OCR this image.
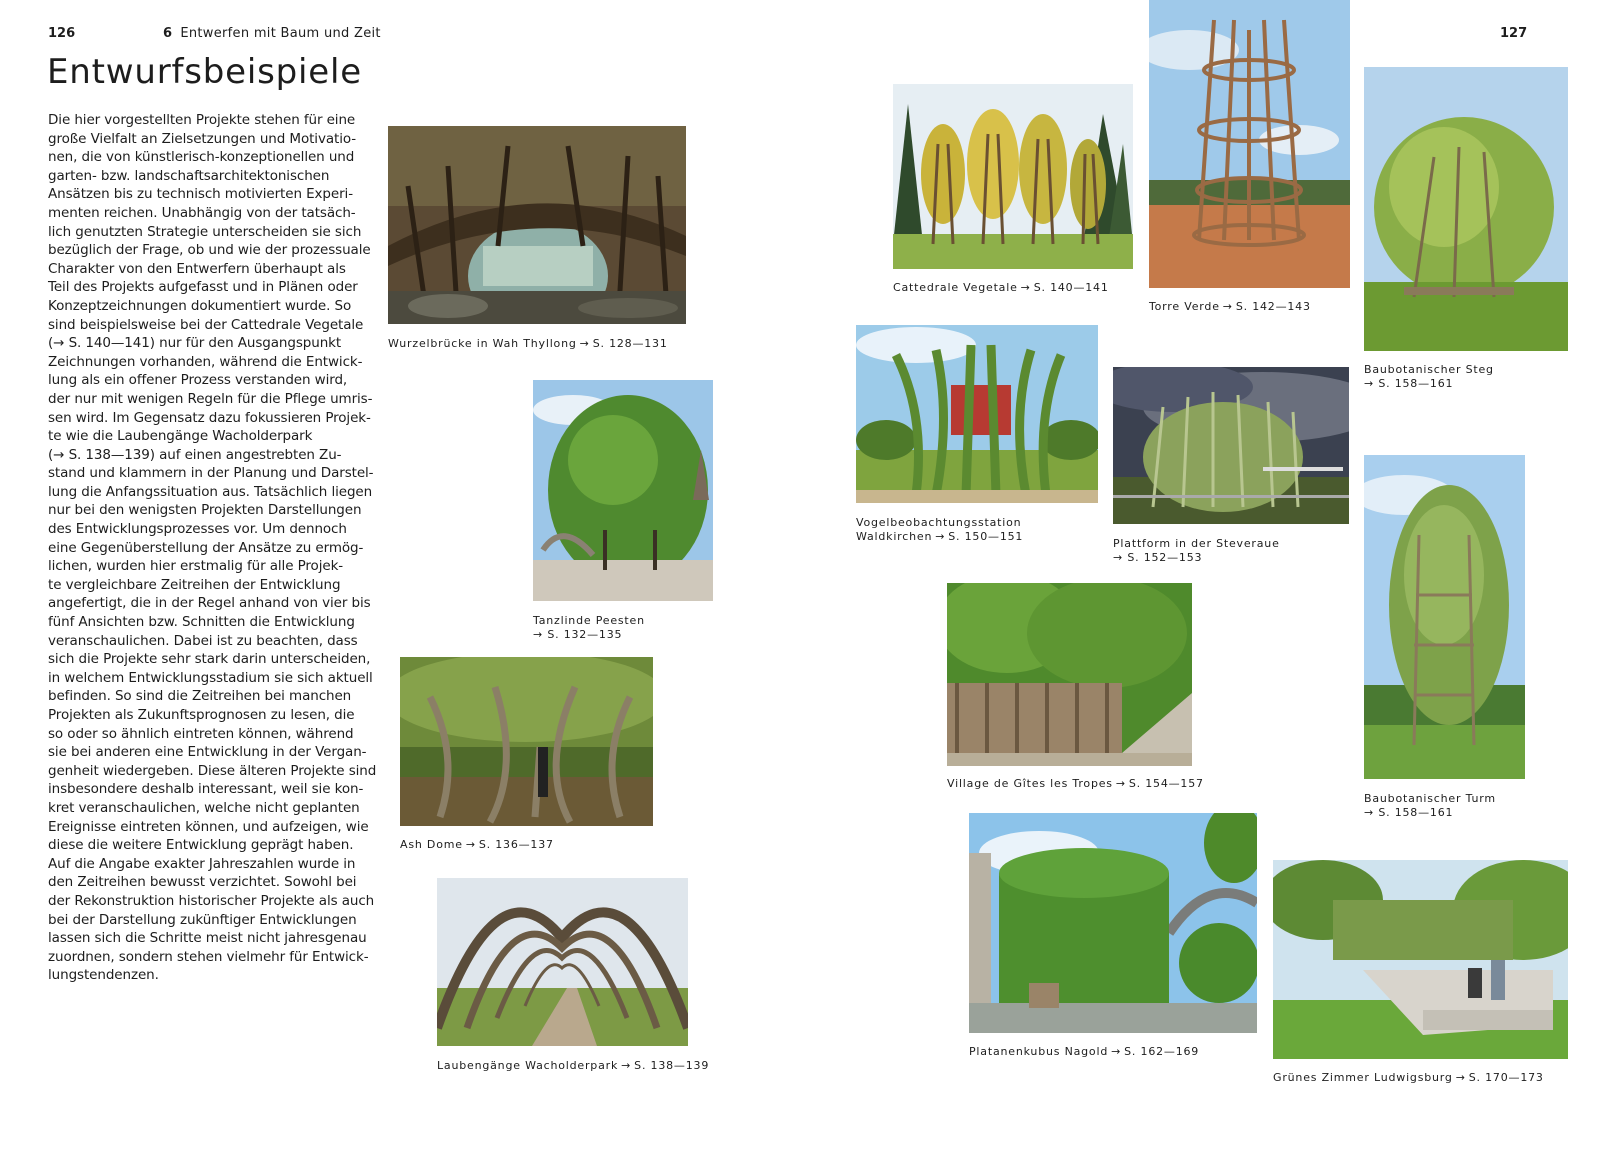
126	6 Entwerfen mit Baum und Zeit	127
Entwurfsbeispiele

Die hier vorgestellten Projekte stehen für eine

große Vielfalt an Zielsetzungen und Motivatio-

nen, die von künstlerisch-konzeptionellen und

garten- bzw. landschaftsarchitektonischen

Ansätzen bis zu technisch motivierten Experi-

menten reichen. Unabhängig von der tatsäch-

lich genutzten Strategie unterscheiden sie sich

bezüglich der Frage, ob und wie der prozessuale

Charakter von den Entwerfern überhaupt als

Teil des Projekts aufgefasst und in Plänen oder

Konzeptzeichnungen dokumentiert wurde. So

sind beispielsweise bei der Cattedrale Vegetale

(→ S. 140—141) nur für den Ausgangspunkt

Zeichnungen vorhanden, während die Entwick-

lung als ein offener Prozess verstanden wird,

der nur mit wenigen Regeln für die Pflege umris-

sen wird. Im Gegensatz dazu fokussieren Projek-

te wie die Laubengänge Wacholderpark

(→ S. 138—139) auf einen angestrebten Zu-

stand und klammern in der Planung und Darstel-

lung die Anfangssituation aus. Tatsächlich liegen

nur bei den wenigsten Projekten Darstellungen

des Entwicklungsprozesses vor. Um dennoch

eine Gegenüberstellung der Ansätze zu ermög-

lichen, wurden hier erstmalig für alle Projek-

te vergleichbare Zeitreihen der Entwicklung

angefertigt, die in der Regel anhand von vier bis

fünf Ansichten bzw. Schnitten die Entwicklung

veranschaulichen. Dabei ist zu beachten, dass

sich die Projekte sehr stark darin unterscheiden,

in welchem Entwicklungsstadium sie sich aktuell

befinden. So sind die Zeitreihen bei manchen

Projekten als Zukunftsprognosen zu lesen, die

so oder so ähnlich eintreten können, während

sie bei anderen eine Entwicklung in der Vergan-

genheit wiedergeben. Diese älteren Projekte sind

insbesondere deshalb interessant, weil sie kon-

kret veranschaulichen, welche nicht geplanten

Ereignisse eintreten können, und aufzeigen, wie

diese die weitere Entwicklung geprägt haben.

Auf die Angabe exakter Jahreszahlen wurde in

den Zeitreihen bewusst verzichtet. Sowohl bei

der Rekonstruktion historischer Projekte als auch

bei der Darstellung zukünftiger Entwicklungen

lassen sich die Schritte meist nicht jahresgenau

zuordnen, sondern stehen vielmehr für Entwick-

lungstendenzen.

Wurzelbrücke in Wah Thyllong → S. 128—131
Tanzlinde Peesten
→ S. 132—135
Ash Dome → S. 136—137
Laubengänge Wacholderpark → S. 138—139
Cattedrale Vegetale → S. 140—141
Torre Verde → S. 142—143
Baubotanischer Steg
→ S. 158—161
Vogelbeobachtungsstation
Waldkirchen → S. 150—151
Plattform in der Steveraue
→ S. 152—153
Village de Gîtes les Tropes → S. 154—157
Baubotanischer Turm
→ S. 158—161
Platanenkubus Nagold → S. 162—169
Grünes Zimmer Ludwigsburg → S. 170—173
